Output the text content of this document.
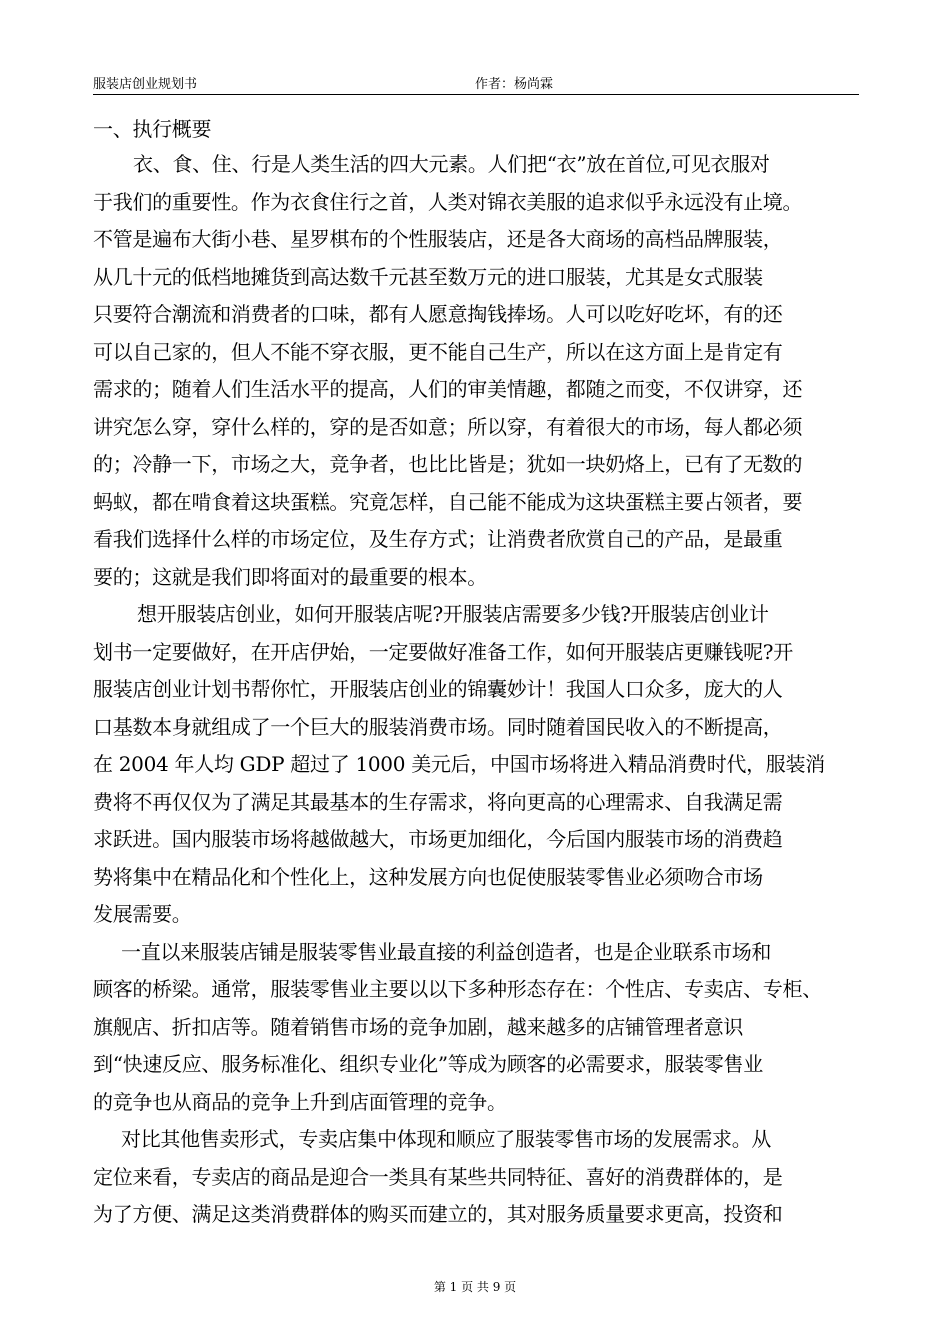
服装店创业规划书	作者：杨尚霖
一、执行概要
衣、食、住、行是人类生活的四大元素。人们把“衣”放在首位,可见衣服对
于我们的重要性。作为衣食住行之首，人类对锦衣美服的追求似乎永远没有止境。
不管是遍布大街小巷、星罗棋布的个性服装店，还是各大商场的高档品牌服装，
从几十元的低档地摊货到高达数千元甚至数万元的进口服装，尤其是女式服装
只要符合潮流和消费者的口味，都有人愿意掏钱捧场。人可以吃好吃坏，有的还
可以自己家的，但人不能不穿衣服，更不能自己生产，所以在这方面上是肯定有
需求的；随着人们生活水平的提高，人们的审美情趣，都随之而变，不仅讲穿，还
讲究怎么穿，穿什么样的，穿的是否如意；所以穿，有着很大的市场，每人都必须
的；冷静一下，市场之大，竞争者，也比比皆是；犹如一块奶烙上，已有了无数的
蚂蚁，都在啃食着这块蛋糕。究竟怎样，自己能不能成为这块蛋糕主要占领者，要
看我们选择什么样的市场定位，及生存方式；让消费者欣赏自己的产品，是最重
要的；这就是我们即将面对的最重要的根本。
想开服装店创业，如何开服装店呢?开服装店需要多少钱?开服装店创业计
划书一定要做好，在开店伊始，一定要做好准备工作，如何开服装店更赚钱呢?开
服装店创业计划书帮你忙，开服装店创业的锦囊妙计！我国人口众多，庞大的人
口基数本身就组成了一个巨大的服装消费市场。同时随着国民收入的不断提高，
在 2004 年人均 GDP 超过了 1000 美元后，中国市场将进入精品消费时代，服装消
费将不再仅仅为了满足其最基本的生存需求，将向更高的心理需求、自我满足需
求跃进。国内服装市场将越做越大，市场更加细化，今后国内服装市场的消费趋
势将集中在精品化和个性化上，这种发展方向也促使服装零售业必须吻合市场
发展需要。
一直以来服装店铺是服装零售业最直接的利益创造者，也是企业联系市场和
顾客的桥梁。通常，服装零售业主要以以下多种形态存在：个性店、专卖店、专柜、
旗舰店、折扣店等。随着销售市场的竞争加剧，越来越多的店铺管理者意识
到“快速反应、服务标准化、组织专业化”等成为顾客的必需要求，服装零售业
的竞争也从商品的竞争上升到店面管理的竞争。
对比其他售卖形式，专卖店集中体现和顺应了服装零售市场的发展需求。从
定位来看，专卖店的商品是迎合一类具有某些共同特征、喜好的消费群体的，是
为了方便、满足这类消费群体的购买而建立的，其对服务质量要求更高，投资和
第 1 页 共 9 页
